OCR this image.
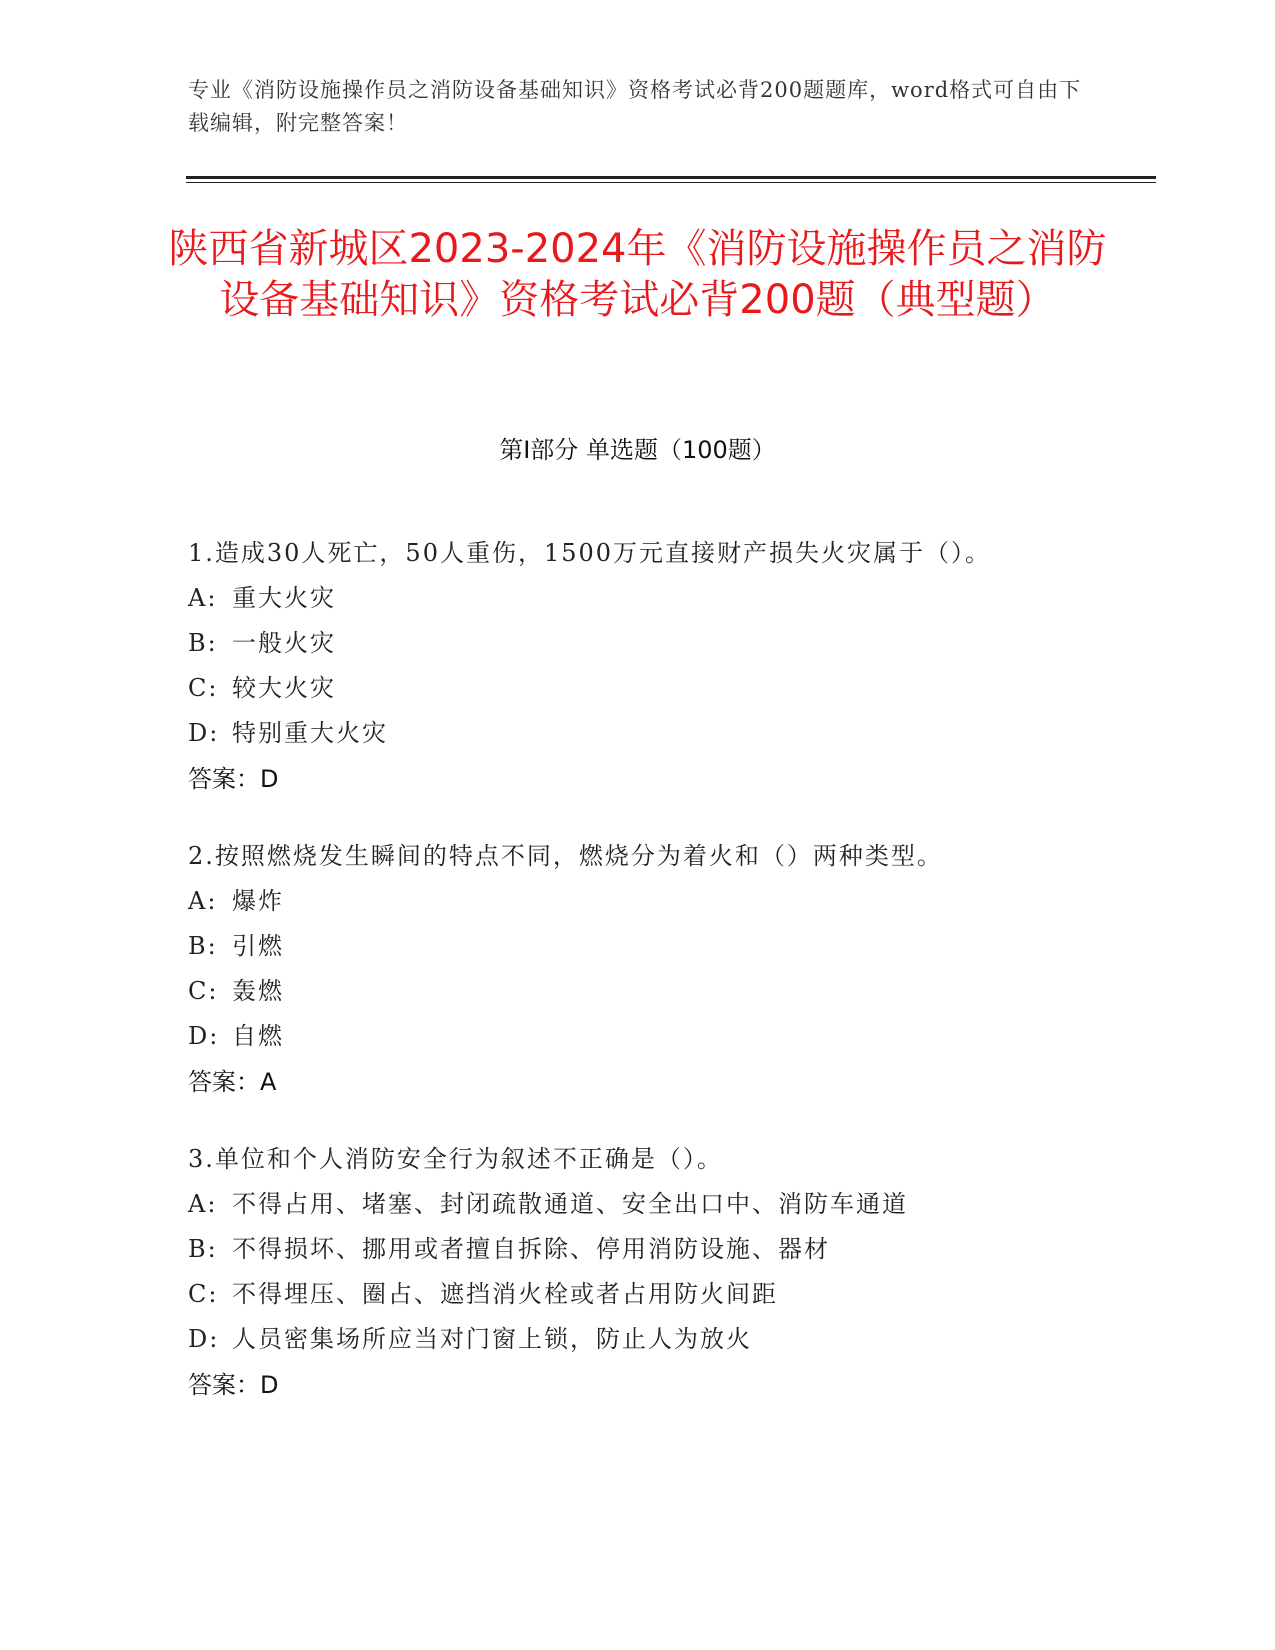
专业《消防设施操作员之消防设备基础知识》资格考试必背200题题库，word格式可自由下载编辑，附完整答案！
陕西省新城区2023-2024年《消防设施操作员之消防设备基础知识》资格考试必背200题（典型题）
第I部分 单选题（100题）
1.造成30人死亡，50人重伤，1500万元直接财产损失火灾属于（）。
A: 重大火灾
B: 一般火灾
C: 较大火灾
D: 特别重大火灾
答案：D
2.按照燃烧发生瞬间的特点不同，燃烧分为着火和（）两种类型。
A: 爆炸
B: 引燃
C: 轰燃
D: 自燃
答案：A
3.单位和个人消防安全行为叙述不正确是（）。
A: 不得占用、堵塞、封闭疏散通道、安全出口中、消防车通道
B: 不得损坏、挪用或者擅自拆除、停用消防设施、器材
C: 不得埋压、圈占、遮挡消火栓或者占用防火间距
D: 人员密集场所应当对门窗上锁，防止人为放火
答案：D
